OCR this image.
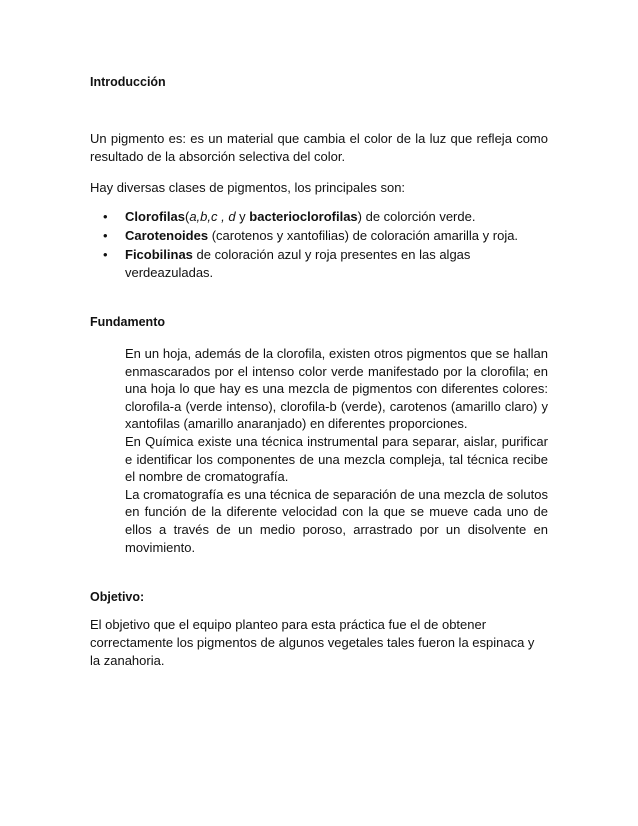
Introducción

Un pigmento es: es un material que cambia el color de la luz que refleja como resultado de la absorción selectiva del color.

Hay diversas clases de pigmentos, los principales son:

• Clorofilas(a,b,c , d y bacterioclorofilas) de colorción verde.
• Carotenoides (carotenos y xantofilias) de coloración amarilla y roja.
• Ficobilinas de coloración azul y roja presentes en las algas verdeazuladas.

Fundamento

En un hoja, además de la clorofila, existen otros pigmentos que se hallan enmascarados por el intenso color verde manifestado por la clorofila; en una hoja lo que hay es una mezcla de pigmentos con diferentes colores: clorofila-a (verde intenso), clorofila-b (verde), carotenos (amarillo claro) y xantofilas (amarillo anaranjado) en diferentes proporciones.

En Química existe una técnica instrumental para separar, aislar, purificar e identificar los componentes de una mezcla compleja, tal técnica recibe el nombre de cromatografía.

La cromatografía es una técnica de separación de una mezcla de solutos en función de la diferente velocidad con la que se mueve cada uno de ellos a través de un medio poroso, arrastrado por un disolvente en movimiento.

Objetivo:

El objetivo que el equipo planteo para esta práctica fue el de obtener correctamente los pigmentos de algunos vegetales tales fueron la espinaca y la zanahoria.
